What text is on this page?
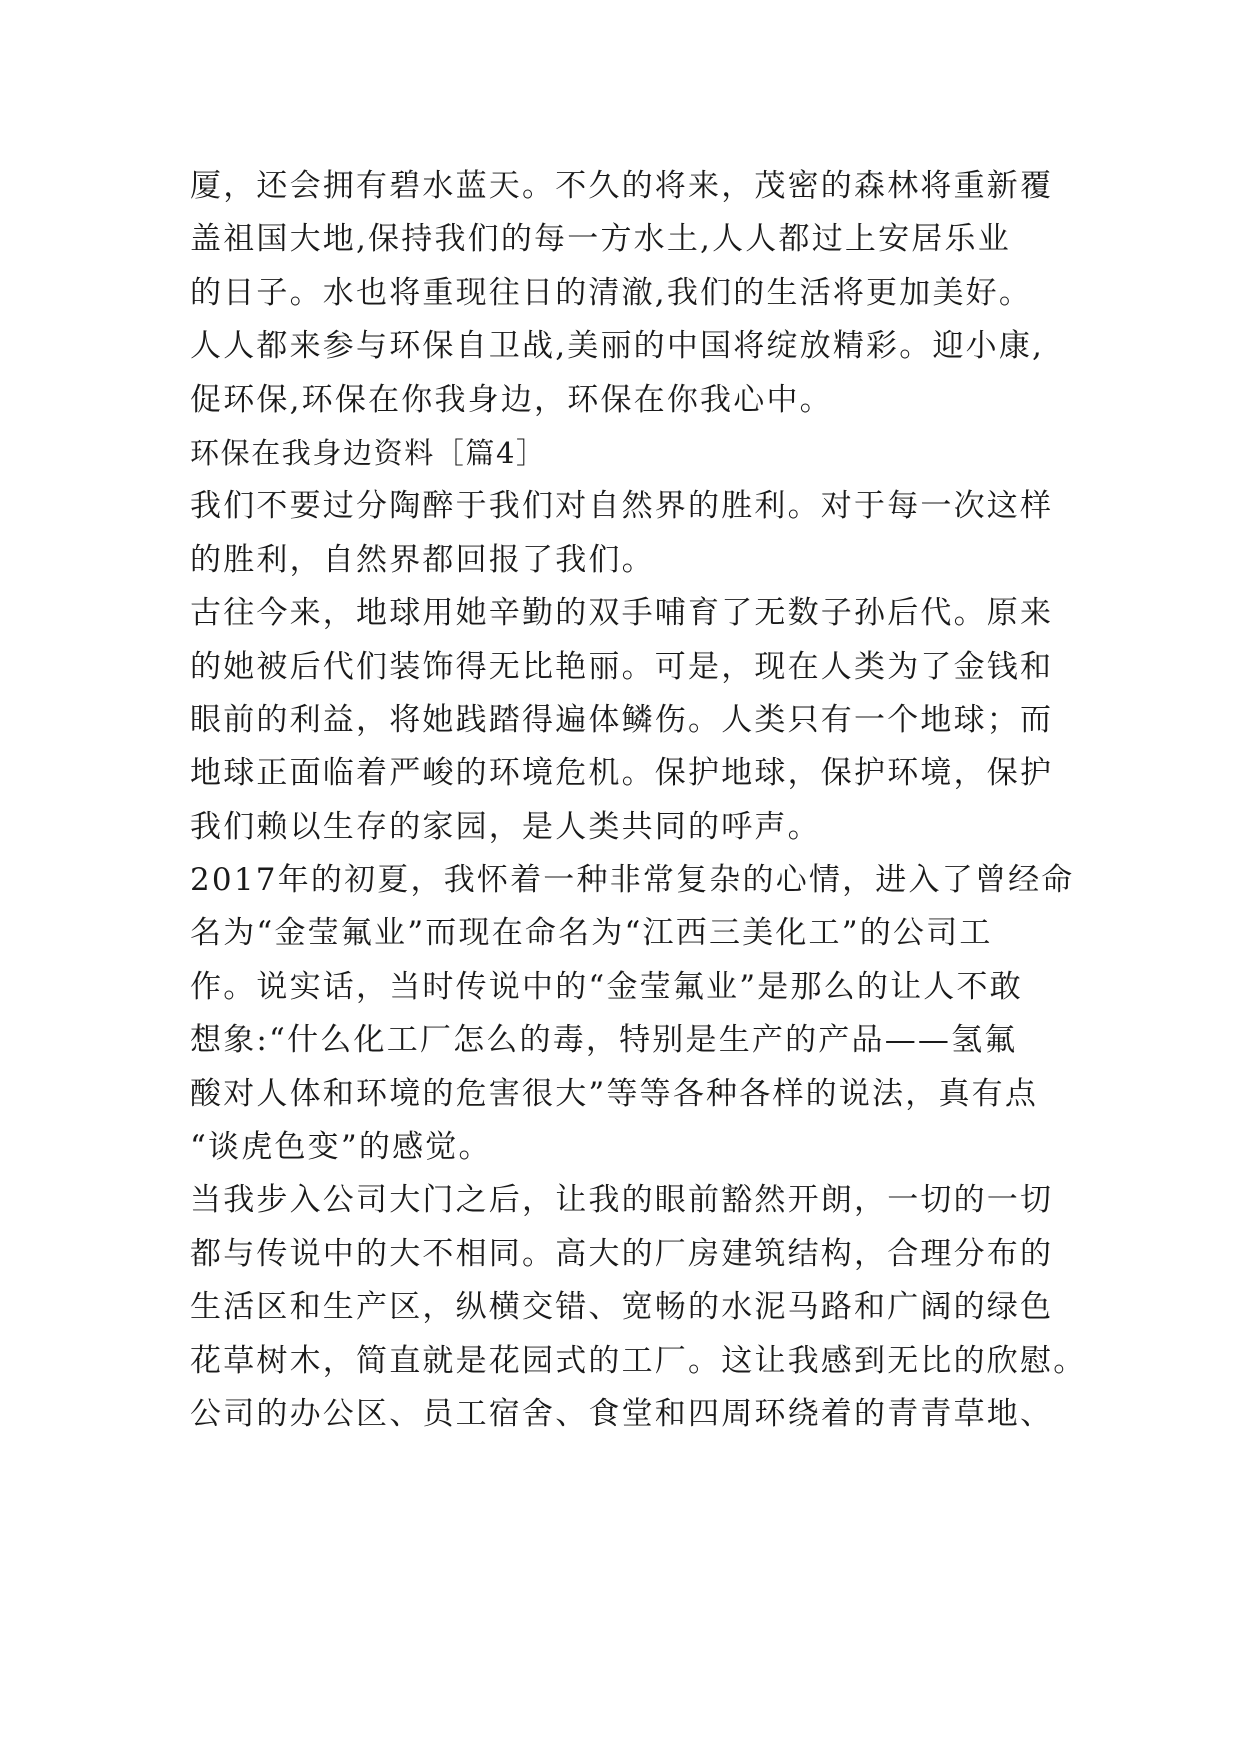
厦，还会拥有碧水蓝天。不久的将来，茂密的森林将重新覆
盖祖国大地,保持我们的每一方水土,人人都过上安居乐业
的日子。水也将重现往日的清澈,我们的生活将更加美好。
人人都来参与环保自卫战,美丽的中国将绽放精彩。迎小康,
促环保,环保在你我身边，环保在你我心中。
环保在我身边资料［篇4］
我们不要过分陶醉于我们对自然界的胜利。对于每一次这样
的胜利，自然界都回报了我们。
古往今来，地球用她辛勤的双手哺育了无数子孙后代。原来
的她被后代们装饰得无比艳丽。可是，现在人类为了金钱和
眼前的利益，将她践踏得遍体鳞伤。人类只有一个地球；而
地球正面临着严峻的环境危机。保护地球，保护环境，保护
我们赖以生存的家园，是人类共同的呼声。
2017年的初夏，我怀着一种非常复杂的心情，进入了曾经命
名为“金莹氟业”而现在命名为“江西三美化工”的公司工
作。说实话，当时传说中的“金莹氟业”是那么的让人不敢
想象:“什么化工厂怎么的毒，特别是生产的产品——氢氟
酸对人体和环境的危害很大”等等各种各样的说法，真有点
“谈虎色变”的感觉。
当我步入公司大门之后，让我的眼前豁然开朗，一切的一切
都与传说中的大不相同。高大的厂房建筑结构，合理分布的
生活区和生产区，纵横交错、宽畅的水泥马路和广阔的绿色
花草树木，简直就是花园式的工厂。这让我感到无比的欣慰。
公司的办公区、员工宿舍、食堂和四周环绕着的青青草地、
